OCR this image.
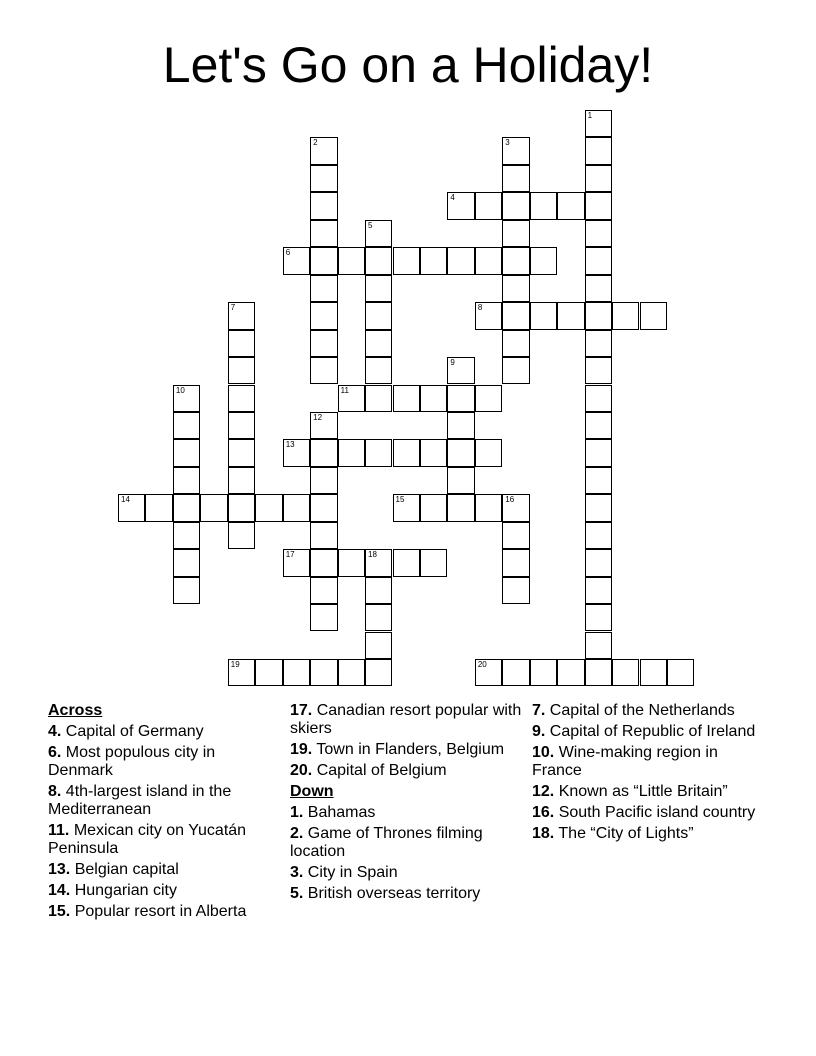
Let's Go on a Holiday!
1
2	3
4
5
6
7	8
9
10	11
12
13
14	15	16
17	18
19	20
Across
4. Capital of Germany
6. Most populous city in Denmark
8. 4th-largest island in the Mediterranean
11. Mexican city on Yucatán Peninsula
13. Belgian capital
14. Hungarian city
15. Popular resort in Alberta
17. Canadian resort popular with skiers
19. Town in Flanders, Belgium
20. Capital of Belgium
Down
1. Bahamas
2. Game of Thrones filming location
3. City in Spain
5. British overseas territory
7. Capital of the Netherlands
9. Capital of Republic of Ireland
10. Wine-making region in France
12. Known as “Little Britain”
16. South Pacific island country
18. The “City of Lights”
